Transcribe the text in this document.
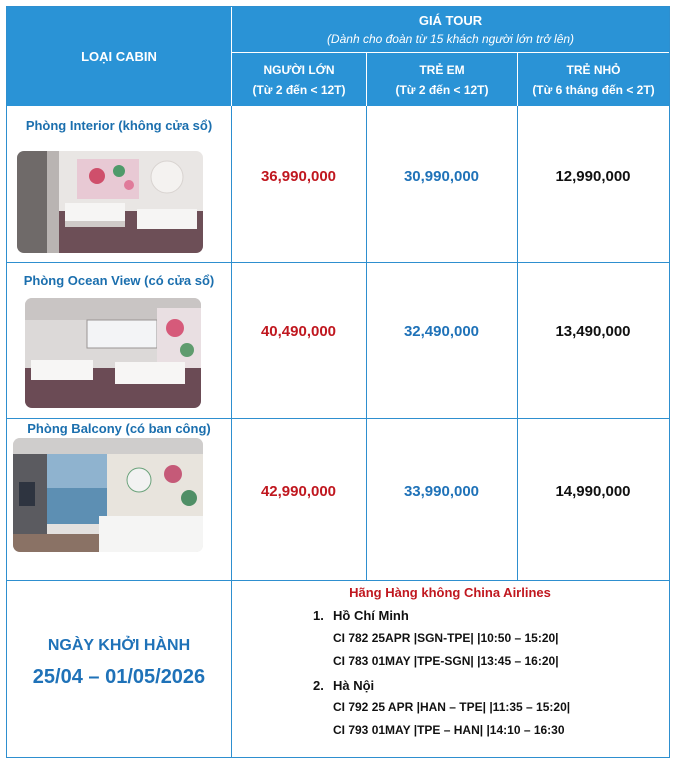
LOẠI CABIN
GIÁ TOUR
(Dành cho đoàn từ 15 khách người lớn trở lên)
NGƯỜI LỚN
(Từ 2 đến < 12T)
TRẺ EM
(Từ 2 đến < 12T)
TRẺ NHỎ
(Từ 6 tháng đến < 2T)
Phòng Interior (không cửa sổ)
36,990,000	30,990,000	12,990,000
Phòng Ocean View (có cửa sổ)
40,490,000	32,490,000	13,490,000
Phòng Balcony (có ban công)
42,990,000	33,990,000	14,990,000
NGÀY KHỞI HÀNH
25/04 – 01/05/2026
Hãng Hàng không China Airlines
1. Hồ Chí Minh
CI 782 25APR |SGN-TPE| |10:50 – 15:20|
CI 783 01MAY |TPE-SGN| |13:45 – 16:20|
2. Hà Nội
CI 792 25 APR |HAN – TPE| |11:35 – 15:20|
CI 793 01MAY |TPE – HAN| |14:10 – 16:30
